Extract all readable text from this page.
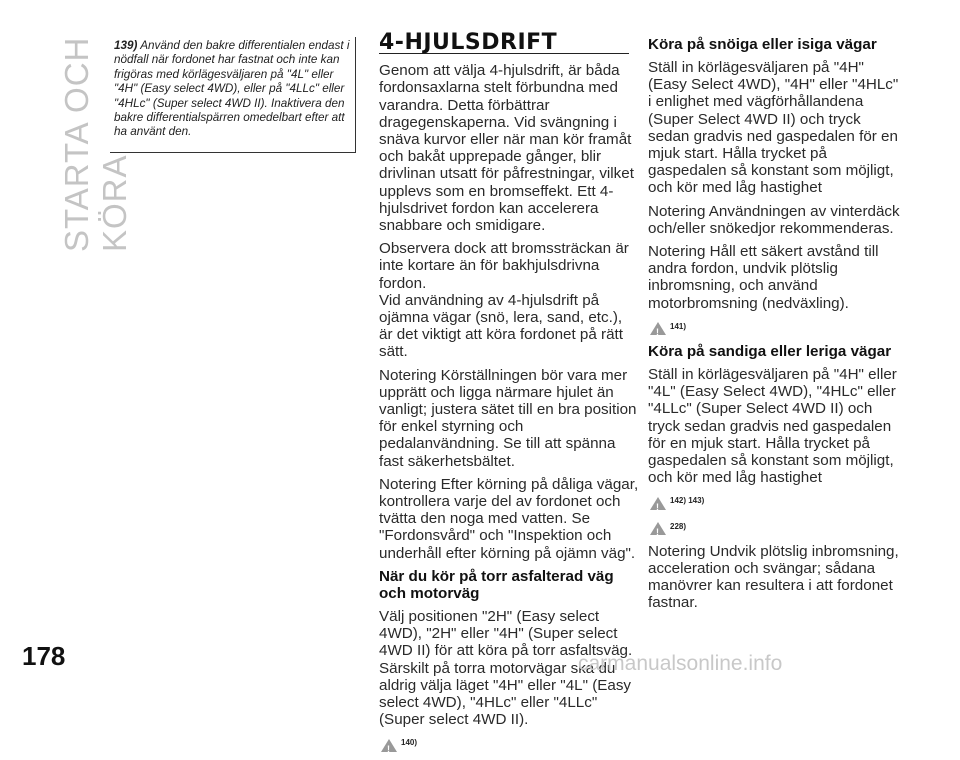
STARTA OCH KÖRA
139) Använd den bakre differentialen endast i nödfall när fordonet har fastnat och inte kan frigöras med körlägesväljaren på "4L" eller "4H" (Easy select 4WD), eller på "4LLc" eller "4HLc" (Super select 4WD II). Inaktivera den bakre differentialspärren omedelbart efter att ha använt den.
4-HJULSDRIFT

Genom att välja 4-hjulsdrift, är båda fordonsaxlarna stelt förbundna med varandra. Detta förbättrar dragegenskaperna. Vid svängning i snäva kurvor eller när man kör framåt och bakåt upprepade gånger, blir drivlinan utsatt för påfrestningar, vilket upplevs som en bromseffekt. Ett 4-hjulsdrivet fordon kan accelerera snabbare och smidigare.

Observera dock att bromssträckan är inte kortare än för bakhjulsdrivna fordon.

Vid användning av 4-hjulsdrift på ojämna vägar (snö, lera, sand, etc.), är det viktigt att köra fordonet på rätt sätt.

Notering Körställningen bör vara mer upprätt och ligga närmare hjulet än vanligt; justera sätet till en bra position för enkel styrning och pedalanvändning. Se till att spänna fast säkerhetsbältet.

Notering Efter körning på dåliga vägar, kontrollera varje del av fordonet och tvätta den noga med vatten. Se "Fordonsvård" och "Inspektion och underhåll efter körning på ojämn väg".

När du kör på torr asfalterad väg och motorväg

Välj positionen "2H" (Easy select 4WD), "2H" eller "4H" (Super select 4WD II) för att köra på torr asfaltsväg. Särskilt på torra motorvägar ska du aldrig välja läget "4H" eller "4L" (Easy select 4WD), "4HLc" eller "4LLc" (Super select 4WD II).

!
140)
Köra på snöiga eller isiga vägar

Ställ in körlägesväljaren på "4H" (Easy Select 4WD), "4H" eller "4HLc" i enlighet med vägförhållandena (Super Select 4WD II) och tryck sedan gradvis ned gaspedalen för en mjuk start. Hålla trycket på gaspedalen så konstant som möjligt, och kör med låg hastighet

Notering Användningen av vinterdäck och/eller snökedjor rekommenderas.

Notering Håll ett säkert avstånd till andra fordon, undvik plötslig inbromsning, och använd motorbromsning (nedväxling).

!
141)
Köra på sandiga eller leriga vägar

Ställ in körlägesväljaren på "4H" eller "4L" (Easy Select 4WD), "4HLc" eller "4LLc" (Super Select 4WD II) och tryck sedan gradvis ned gaspedalen för en mjuk start. Hålla trycket på gaspedalen så konstant som möjligt, och kör med låg hastighet

!
142) 143)
!
228)

Notering Undvik plötslig inbromsning, acceleration och svängar; sådana manövrer kan resultera i att fordonet fastnar.

178	carmanualsonline.info
